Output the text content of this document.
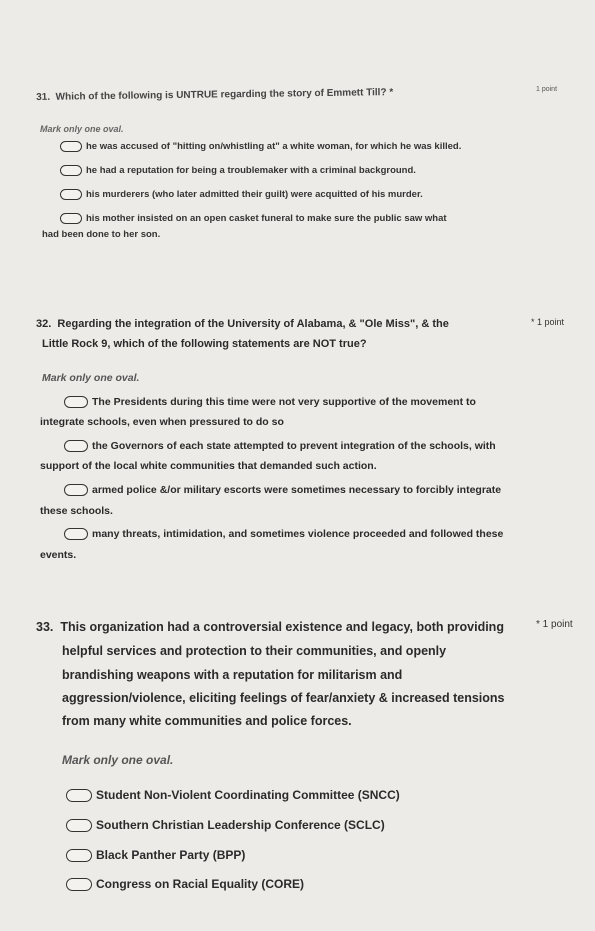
31. Which of the following is UNTRUE regarding the story of Emmett Till? *	1 point
Mark only one oval.
he was accused of "hitting on/whistling at" a white woman, for which he was killed.
he had a reputation for being a troublemaker with a criminal background.
his murderers (who later admitted their guilt) were acquitted of his murder.
his mother insisted on an open casket funeral to make sure the public saw what
had been done to her son.
32. Regarding the integration of the University of Alabama, & "Ole Miss", & the
Little Rock 9, which of the following statements are NOT true?
* 1 point
Mark only one oval.
The Presidents during this time were not very supportive of the movement to
integrate schools, even when pressured to do so
the Governors of each state attempted to prevent integration of the schools, with
support of the local white communities that demanded such action.
armed police &/or military escorts were sometimes necessary to forcibly integrate
these schools.
many threats, intimidation, and sometimes violence proceeded and followed these
events.
33. This organization had a controversial existence and legacy, both providing
helpful services and protection to their communities, and openly
brandishing weapons with a reputation for militarism and
aggression/violence, eliciting feelings of fear/anxiety & increased tensions
from many white communities and police forces.
* 1 point
Mark only one oval.
Student Non-Violent Coordinating Committee (SNCC)
Southern Christian Leadership Conference (SCLC)
Black Panther Party (BPP)
Congress on Racial Equality (CORE)
